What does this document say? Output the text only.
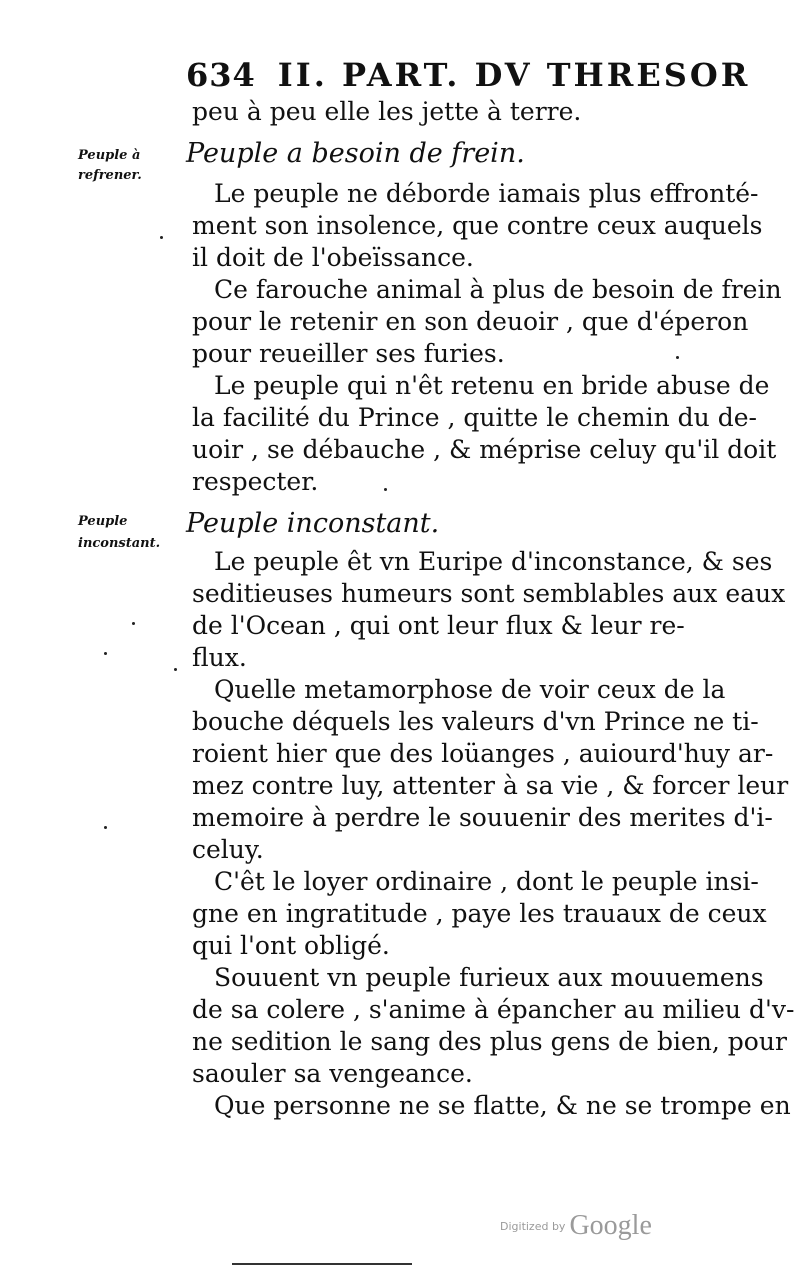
634 II. PART. DV THRESOR
peu à peu elle les jette à terre.
Peuple à
refrener.
Peuple a besoin de frein.
Le peuple ne déborde iamais plus effronté-
ment son insolence, que contre ceux auquels
il doit de l'obeïssance.
Ce farouche animal à plus de besoin de frein
pour le retenir en son deuoir , que d'éperon
pour reueiller ses furies.
Le peuple qui n'êt retenu en bride abuse de
la facilité du Prince , quitte le chemin du de-
uoir , se débauche , & méprise celuy qu'il doit
respecter.
Peuple
inconstant.
Peuple inconstant.
Le peuple êt vn Euripe d'inconstance, & ses
seditieuses humeurs sont semblables aux eaux
de l'Ocean , qui ont leur flux & leur re-
flux.
Quelle metamorphose de voir ceux de la
bouche déquels les valeurs d'vn Prince ne ti-
roient hier que des loüanges , auiourd'huy ar-
mez contre luy, attenter à sa vie , & forcer leur
memoire à perdre le souuenir des merites d'i-
celuy.
C'êt le loyer ordinaire , dont le peuple insi-
gne en ingratitude , paye les trauaux de ceux
qui l'ont obligé.
Souuent vn peuple furieux aux mouuemens
de sa colere , s'anime à épancher au milieu d'v-
ne sedition le sang des plus gens de bien, pour
saouler sa vengeance.
Que personne ne se flatte, & ne se trompe en
Digitized by Google
